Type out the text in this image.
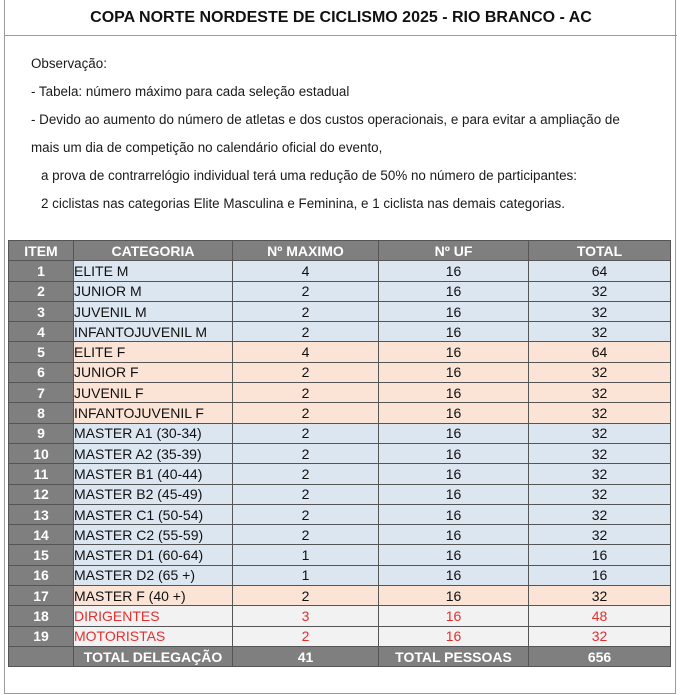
COPA NORTE NORDESTE DE CICLISMO 2025 - RIO BRANCO - AC
Observação:
- Tabela: número máximo para cada seleção estadual
- Devido ao aumento do número de atletas e dos custos operacionais, e para evitar a ampliação de
mais um dia de competição no calendário oficial do evento,
a prova de contrarrelógio individual terá uma redução de 50% no número de participantes:
2 ciclistas nas categorias Elite Masculina e Feminina, e 1 ciclista nas demais categorias.
ITEM	CATEGORIA	Nº MAXIMO	Nº UF	TOTAL
1	ELITE M	4	16	64
2	JUNIOR M	2	16	32
3	JUVENIL M	2	16	32
4	INFANTOJUVENIL M	2	16	32
5	ELITE F	4	16	64
6	JUNIOR F	2	16	32
7	JUVENIL F	2	16	32
8	INFANTOJUVENIL F	2	16	32
9	MASTER A1 (30-34)	2	16	32
10	MASTER A2 (35-39)	2	16	32
11	MASTER B1 (40-44)	2	16	32
12	MASTER B2 (45-49)	2	16	32
13	MASTER C1 (50-54)	2	16	32
14	MASTER C2 (55-59)	2	16	32
15	MASTER D1 (60-64)	1	16	16
16	MASTER D2 (65 +)	1	16	16
17	MASTER F (40 +)	2	16	32
18	DIRIGENTES	3	16	48
19	MOTORISTAS	2	16	32
	TOTAL DELEGAÇÃO	41	TOTAL PESSOAS	656
